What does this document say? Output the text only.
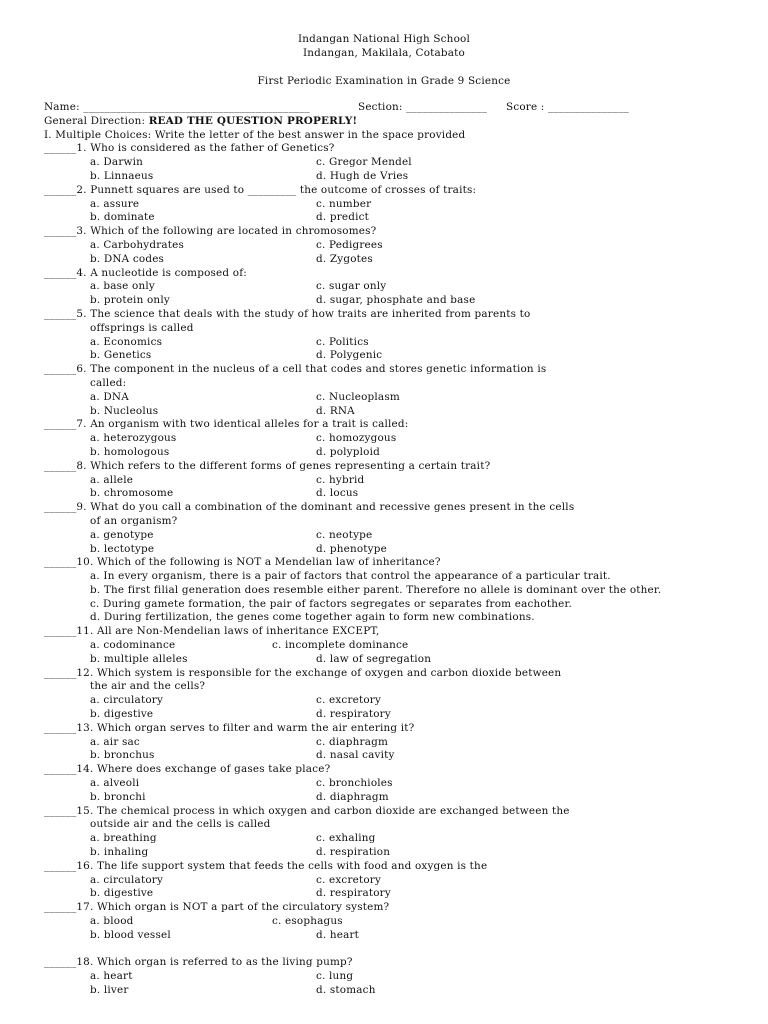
Indangan National High School
Indangan, Makilala, Cotabato
First Periodic Examination in Grade 9 Science
Name: __________________________________________	Section: _______________ Score : _______________
General Direction: READ THE QUESTION PROPERLY!
I. Multiple Choices: Write the letter of the best answer in the space provided
______1. Who is considered as the father of Genetics?
a. Darwin	c. Gregor Mendel
b. Linnaeus	d. Hugh de Vries
______2. Punnett squares are used to _________ the outcome of crosses of traits:
a. assure	c. number
b. dominate	d. predict
______3. Which of the following are located in chromosomes?
a. Carbohydrates	c. Pedigrees
b. DNA codes	d. Zygotes
______4. A nucleotide is composed of:
a. base only	c. sugar only
b. protein only	d. sugar, phosphate and base
______5. The science that deals with the study of how traits are inherited from parents to
offsprings is called
a. Economics	c. Politics
b. Genetics	d. Polygenic
______6. The component in the nucleus of a cell that codes and stores genetic information is
called:
a. DNA	c. Nucleoplasm
b. Nucleolus	d. RNA
______7. An organism with two identical alleles for a trait is called:
a. heterozygous	c. homozygous
b. homologous	d. polyploid
______8. Which refers to the different forms of genes representing a certain trait?
a. allele	c. hybrid
b. chromosome	d. locus
______9. What do you call a combination of the dominant and recessive genes present in the cells
of an organism?
a. genotype	c. neotype
b. lectotype	d. phenotype
______10. Which of the following is NOT a Mendelian law of inheritance?
a. In every organism, there is a pair of factors that control the appearance of a particular trait.
b. The first filial generation does resemble either parent. Therefore no allele is dominant over the other.
c. During gamete formation, the pair of factors segregates or separates from eachother.
d. During fertilization, the genes come together again to form new combinations.
______11. All are Non-Mendelian laws of inheritance EXCEPT,
a. codominance	c. incomplete dominance
b. multiple alleles	d. law of segregation
______12. Which system is responsible for the exchange of oxygen and carbon dioxide between
the air and the cells?
a. circulatory	c. excretory
b. digestive	d. respiratory
______13. Which organ serves to filter and warm the air entering it?
a. air sac	c. diaphragm
b. bronchus	d. nasal cavity
______14. Where does exchange of gases take place?
a. alveoli	c. bronchioles
b. bronchi	d. diaphragm
______15. The chemical process in which oxygen and carbon dioxide are exchanged between the
outside air and the cells is called
a. breathing	c. exhaling
b. inhaling	d. respiration
______16. The life support system that feeds the cells with food and oxygen is the
a. circulatory	c. excretory
b. digestive	d. respiratory
______17. Which organ is NOT a part of the circulatory system?
a. blood	c. esophagus
b. blood vessel	d. heart
______18. Which organ is referred to as the living pump?
a. heart	c. lung
b. liver	d. stomach
